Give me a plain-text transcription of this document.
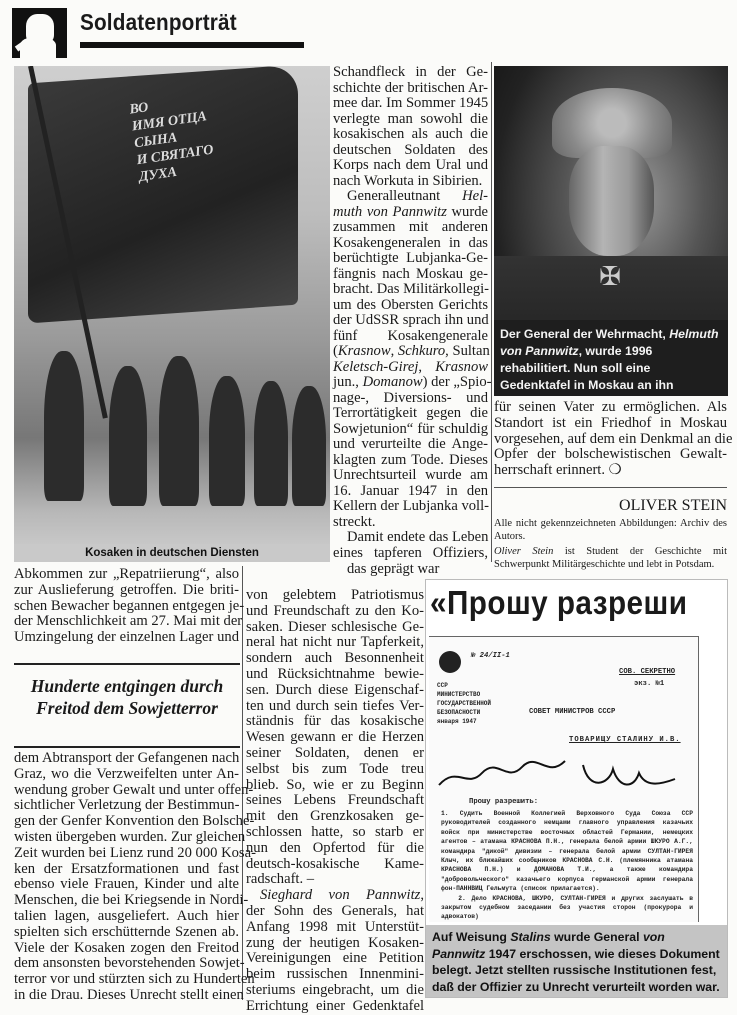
Soldatenporträt
ВО
ИМЯ ОТЦА
СЫНА
И СВЯТАГО
ДУХА
Kosaken in deutschen Diensten
Schandfleck in der Ge-
schichte der britischen Ar-
mee dar. Im Sommer 1945
verlegte man sowohl die
kosakischen als auch die
deutschen Soldaten des
Korps nach dem Ural und
nach Workuta in Sibirien.
Generalleutnant Hel-
muth von Pannwitz wurde
zusammen mit anderen
Kosakengeneralen in das
berüchtigte Lubjanka-Ge-
fängnis nach Moskau ge-
bracht. Das Militärkollegi-
um des Obersten Gerichts
der UdSSR sprach ihn und
fünf Kosakengenerale
(Krasnow, Schkuro, Sultan
Keletsch-Girej, Krasnow
jun., Domanow) der „Spio-
nage-, Diversions- und
Terrortätigkeit gegen die
Sowjetunion“ für schuldig
und verurteilte die Ange-
klagten zum Tode. Dieses
Unrechtsurteil wurde am
16. Januar 1947 in den
Kellern der Lubjanka voll-
streckt.
Damit endete das Leben
eines tapferen Offiziers,
das geprägt war
von gelebtem Patriotismus
und Freundschaft zu den Ko-
saken. Dieser schlesische Ge-
neral hat nicht nur Tapferkeit,
sondern auch Besonnenheit
und Rücksichtnahme bewie-
sen. Durch diese Eigenschaf-
ten und durch sein tiefes Ver-
ständnis für das kosakische
Wesen gewann er die Herzen
seiner Soldaten, denen er
selbst bis zum Tode treu
blieb. So, wie er zu Beginn
seines Lebens Freundschaft
mit den Grenzkosaken ge-
schlossen hatte, so starb er
nun den Opfertod für die
deutsch-kosakische Kame-
radschaft. –
Sieghard von Pannwitz,
der Sohn des Generals, hat
Anfang 1998 mit Unterstüt-
zung der heutigen Kosaken-
Vereinigungen eine Petition
beim russischen Innenmini-
steriums eingebracht, um die
Errichtung einer Gedenktafel
Abkommen zur „Repatriierung“, also
zur Auslieferung getroffen. Die briti-
schen Bewacher begannen entgegen je-
der Menschlichkeit am 27. Mai mit der
Umzingelung der einzelnen Lager und
Hunderte entgingen durch Freitod dem Sowjetterror
dem Abtransport der Gefangenen nach
Graz, wo die Verzweifelten unter An-
wendung grober Gewalt und unter offen-
sichtlicher Verletzung der Bestimmun-
gen der Genfer Konvention den Bolsche-
wisten übergeben wurden. Zur gleichen
Zeit wurden bei Lienz rund 20 000 Kosa-
ken der Ersatzformationen und fast
ebenso viele Frauen, Kinder und alte
Menschen, die bei Kriegsende in Nordi-
talien lagen, ausgeliefert. Auch hier
spielten sich erschütternde Szenen ab.
Viele der Kosaken zogen den Freitod
dem ansonsten bevorstehenden Sowjet-
terror vor und stürzten sich zu Hunderten
in die Drau. Dieses Unrecht stellt einen
✠
Der General der Wehrmacht, Helmuth von Pannwitz, wurde 1996 rehabilitiert. Nun soll eine Gedenktafel in Moskau an ihn
für seinen Vater zu ermöglichen. Als
Standort ist ein Friedhof in Moskau
vorgesehen, auf dem ein Denkmal an die
Opfer der bolschewistischen Gewalt-
herrschaft erinnert. ❍
OLIVER STEIN

Alle nicht gekennzeichneten Abbildungen: Archiv des Autors.

Oliver Stein ist Student der Geschichte mit Schwerpunkt Militärgeschichte und lebt in Potsdam.

«Прошу разреши
№ 24/II-1
СОВ. СЕКРЕТНО
экз. №1
ССР
МИНИСТЕРСТВО
ГОСУДАРСТВЕННОЙ
БЕЗОПАСНОСТИ
января 1947
СОВЕТ МИНИСТРОВ СССР
ТОВАРИЩУ СТАЛИНУ И.В.
Прошу разрешить:
1. Судить Военной Коллегией Верховного Суда Союза ССР руководителей созданного немцами главного управления казачьих войск при министерстве восточных областей Германии, немецких агентов – атамана КРАСНОВА П.Н., генерала белой армии ШКУРО А.Г., командира "дикой" дивизии – генерала белой армии СУЛТАН-ГИРЕЯ Клыч, их ближайших сообщников КРАСНОВА С.Н. (племянника атамана КРАСНОВА П.Н.) и ДОМАНОВА Т.И., а также командира "добровольческого" казачьего корпуса германской армии генерала фон-ПАННВИЦ Гельмута (список прилагается).
2. Дело КРАСНОВА, ШКУРО, СУЛТАН-ГИРЕЯ и других заслушать в закрытом судебном заседании без участия сторон (прокурора и адвокатов)
Auf Weisung Stalins wurde General von Pannwitz 1947 erschossen, wie dieses Dokument belegt. Jetzt stellten russische Institutionen fest, daß der Offizier zu Unrecht verurteilt worden war.
